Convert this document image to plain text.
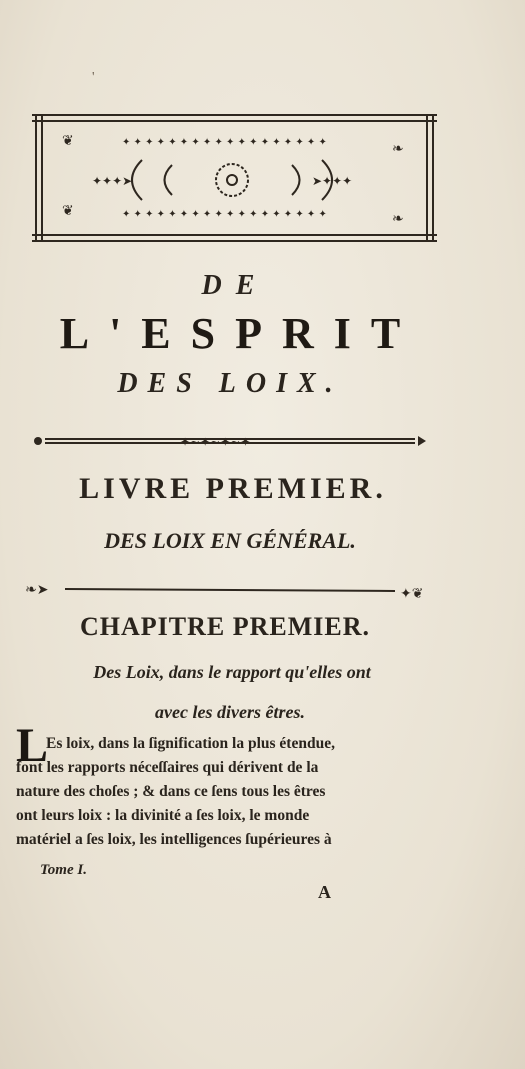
'
❦	❧
❦	❧
✦ ✦ ✦ ✦ ✦ ✦ ✦ ✦ ✦ ✦ ✦ ✦ ✦ ✦ ✦ ✦ ✦ ✦
✦ ✦ ✦ ✦ ✦ ✦ ✦ ✦ ✦ ✦ ✦ ✦ ✦ ✦ ✦ ✦ ✦ ✦
✦✦✦➤	➤✦✦✦
DE
L'ESPRIT
DES LOIX.
✦~✦~✦~✦
LIVRE PREMIER.
DES LOIX EN GÉNÉRAL.
❧➤	✦❦
CHAPITRE PREMIER.
Des Loix, dans le rapport qu'elles ont
avec les divers êtres.
L
Es loix, dans la ſignification la plus étendue,
font les rapports néceſſaires qui dérivent de la
nature des choſes ; & dans ce ſens tous les êtres
ont leurs loix : la divinité a ſes loix, le monde
matériel a ſes loix, les intelligences ſupérieures à
Tome I.
A
